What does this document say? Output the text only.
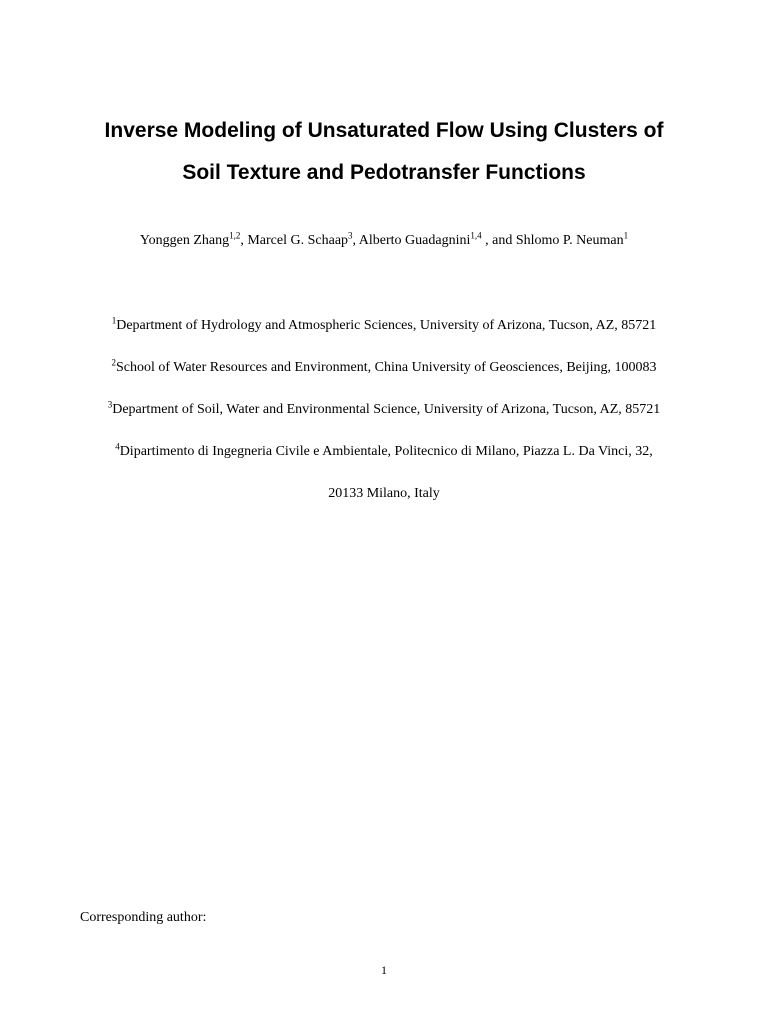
Inverse Modeling of Unsaturated Flow Using Clusters of
Soil Texture and Pedotransfer Functions

Yonggen Zhang$^{1,2}$, Marcel G. Schaap$^3$, Alberto Guadagnini$^{1,4}$ , and Shlomo P. Neuman$^1$

$^1$Department of Hydrology and Atmospheric Sciences, University of Arizona, Tucson, AZ, 85721
$^2$School of Water Resources and Environment, China University of Geosciences, Beijing, 100083
$^3$Department of Soil, Water and Environmental Science, University of Arizona, Tucson, AZ, 85721
$^4$Dipartimento di Ingegneria Civile e Ambientale, Politecnico di Milano, Piazza L. Da Vinci, 32,
20133 Milano, Italy

Corresponding author:

1
